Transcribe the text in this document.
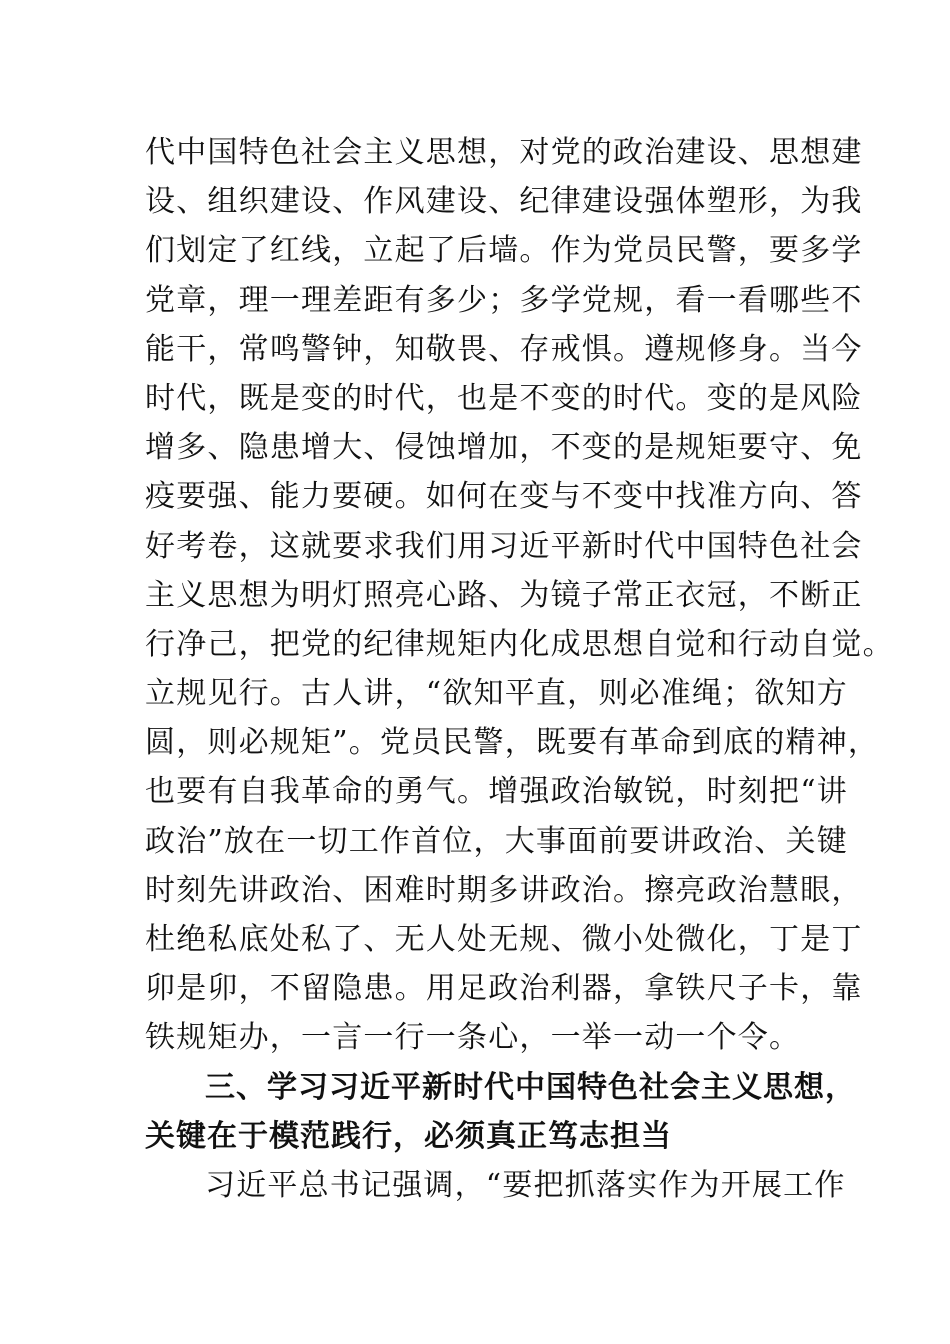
代中国特色社会主义思想，对党的政治建设、思想建
设、组织建设、作风建设、纪律建设强体塑形，为我
们划定了红线，立起了后墙。作为党员民警，要多学
党章，理一理差距有多少；多学党规，看一看哪些不
能干，常鸣警钟，知敬畏、存戒惧。遵规修身。当今
时代，既是变的时代，也是不变的时代。变的是风险
增多、隐患增大、侵蚀增加，不变的是规矩要守、免
疫要强、能力要硬。如何在变与不变中找准方向、答
好考卷，这就要求我们用习近平新时代中国特色社会
主义思想为明灯照亮心路、为镜子常正衣冠，不断正
行净己，把党的纪律规矩内化成思想自觉和行动自觉。
立规见行。古人讲，“欲知平直，则必准绳；欲知方
圆，则必规矩”。党员民警，既要有革命到底的精神，
也要有自我革命的勇气。增强政治敏锐，时刻把“讲
政治”放在一切工作首位，大事面前要讲政治、关键
时刻先讲政治、困难时期多讲政治。擦亮政治慧眼，
杜绝私底处私了、无人处无规、微小处微化，丁是丁
卯是卯，不留隐患。用足政治利器，拿铁尺子卡，靠
铁规矩办，一言一行一条心，一举一动一个令。
三、学习习近平新时代中国特色社会主义思想，
关键在于模范践行，必须真正笃志担当
习近平总书记强调，“要把抓落实作为开展工作
